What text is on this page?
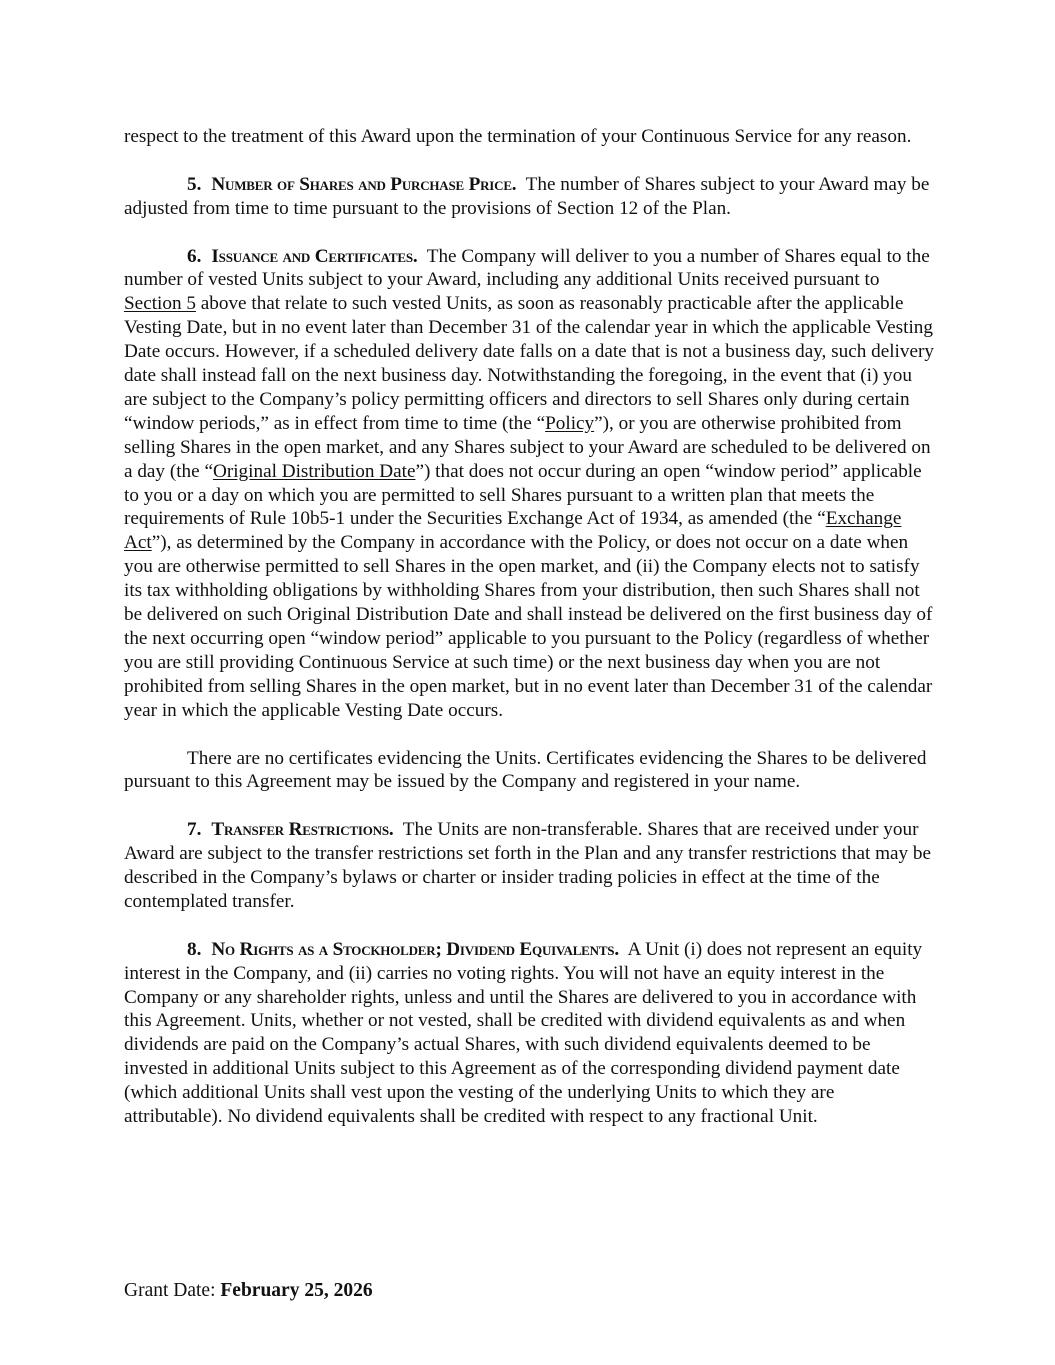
respect to the treatment of this Award upon the termination of your Continuous Service for any reason.

5. Number of Shares and Purchase Price. The number of Shares subject to your Award may be adjusted from time to time pursuant to the provisions of Section 12 of the Plan.

6. Issuance and Certificates. The Company will deliver to you a number of Shares equal to the number of vested Units subject to your Award, including any additional Units received pursuant to Section 5 above that relate to such vested Units, as soon as reasonably practicable after the applicable Vesting Date, but in no event later than December 31 of the calendar year in which the applicable Vesting Date occurs. However, if a scheduled delivery date falls on a date that is not a business day, such delivery date shall instead fall on the next business day. Notwithstanding the foregoing, in the event that (i) you are subject to the Company’s policy permitting officers and directors to sell Shares only during certain “window periods,” as in effect from time to time (the “Policy”), or you are otherwise prohibited from selling Shares in the open market, and any Shares subject to your Award are scheduled to be delivered on a day (the “Original Distribution Date”) that does not occur during an open “window period” applicable to you or a day on which you are permitted to sell Shares pursuant to a written plan that meets the requirements of Rule 10b5-1 under the Securities Exchange Act of 1934, as amended (the “Exchange Act”), as determined by the Company in accordance with the Policy, or does not occur on a date when you are otherwise permitted to sell Shares in the open market, and (ii) the Company elects not to satisfy its tax withholding obligations by withholding Shares from your distribution, then such Shares shall not be delivered on such Original Distribution Date and shall instead be delivered on the first business day of the next occurring open “window period” applicable to you pursuant to the Policy (regardless of whether you are still providing Continuous Service at such time) or the next business day when you are not prohibited from selling Shares in the open market, but in no event later than December 31 of the calendar year in which the applicable Vesting Date occurs.

There are no certificates evidencing the Units. Certificates evidencing the Shares to be delivered pursuant to this Agreement may be issued by the Company and registered in your name.

7. Transfer Restrictions. The Units are non-transferable. Shares that are received under your Award are subject to the transfer restrictions set forth in the Plan and any transfer restrictions that may be described in the Company’s bylaws or charter or insider trading policies in effect at the time of the contemplated transfer.

8. No Rights as a Stockholder; Dividend Equivalents. A Unit (i) does not represent an equity interest in the Company, and (ii) carries no voting rights. You will not have an equity interest in the Company or any shareholder rights, unless and until the Shares are delivered to you in accordance with this Agreement. Units, whether or not vested, shall be credited with dividend equivalents as and when dividends are paid on the Company’s actual Shares, with such dividend equivalents deemed to be invested in additional Units subject to this Agreement as of the corresponding dividend payment date (which additional Units shall vest upon the vesting of the underlying Units to which they are attributable). No dividend equivalents shall be credited with respect to any fractional Unit.

Grant Date: February 25, 2026
